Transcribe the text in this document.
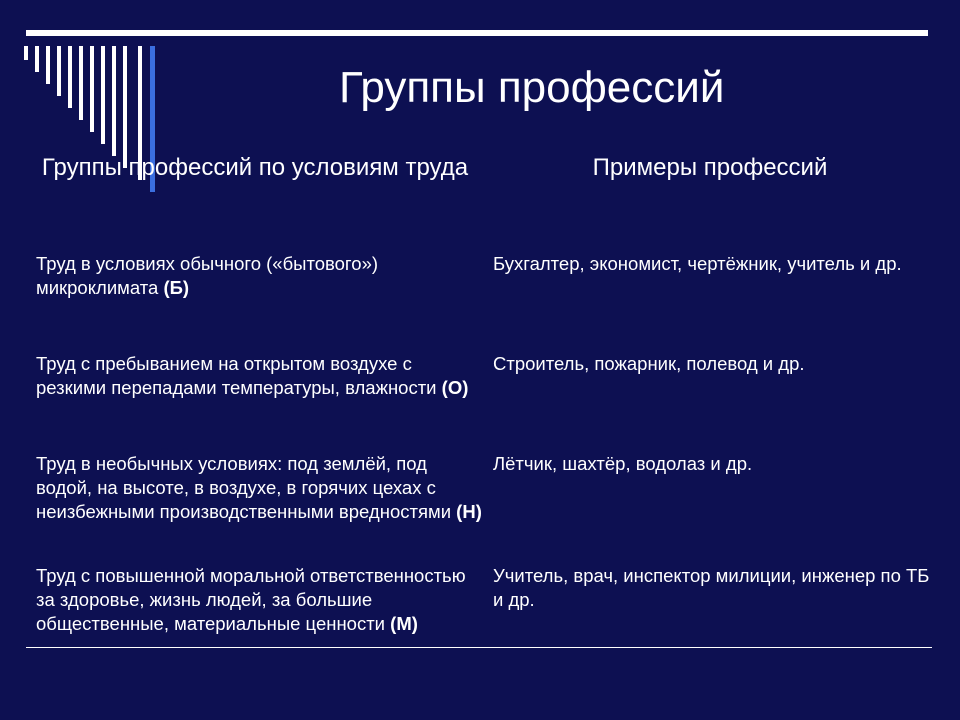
Группы профессий
Группы профессий по условиям труда	Примеры профессий
Труд в условиях обычного («бытового») микроклимата (Б)
Бухгалтер, экономист, чертёжник, учитель и др.
Труд с пребыванием на открытом воздухе с резкими перепадами температуры, влажности (О)
Строитель, пожарник, полевод и др.
Труд в необычных условиях: под землёй, под водой, на высоте, в воздухе, в горячих цехах с неизбежными производственными вредностями (Н)
Лётчик, шахтёр, водолаз и др.
Труд с повышенной моральной ответственностью за здоровье, жизнь людей, за большие общественные, материальные ценности (М)
Учитель, врач, инспектор милиции, инженер по ТБ и др.
